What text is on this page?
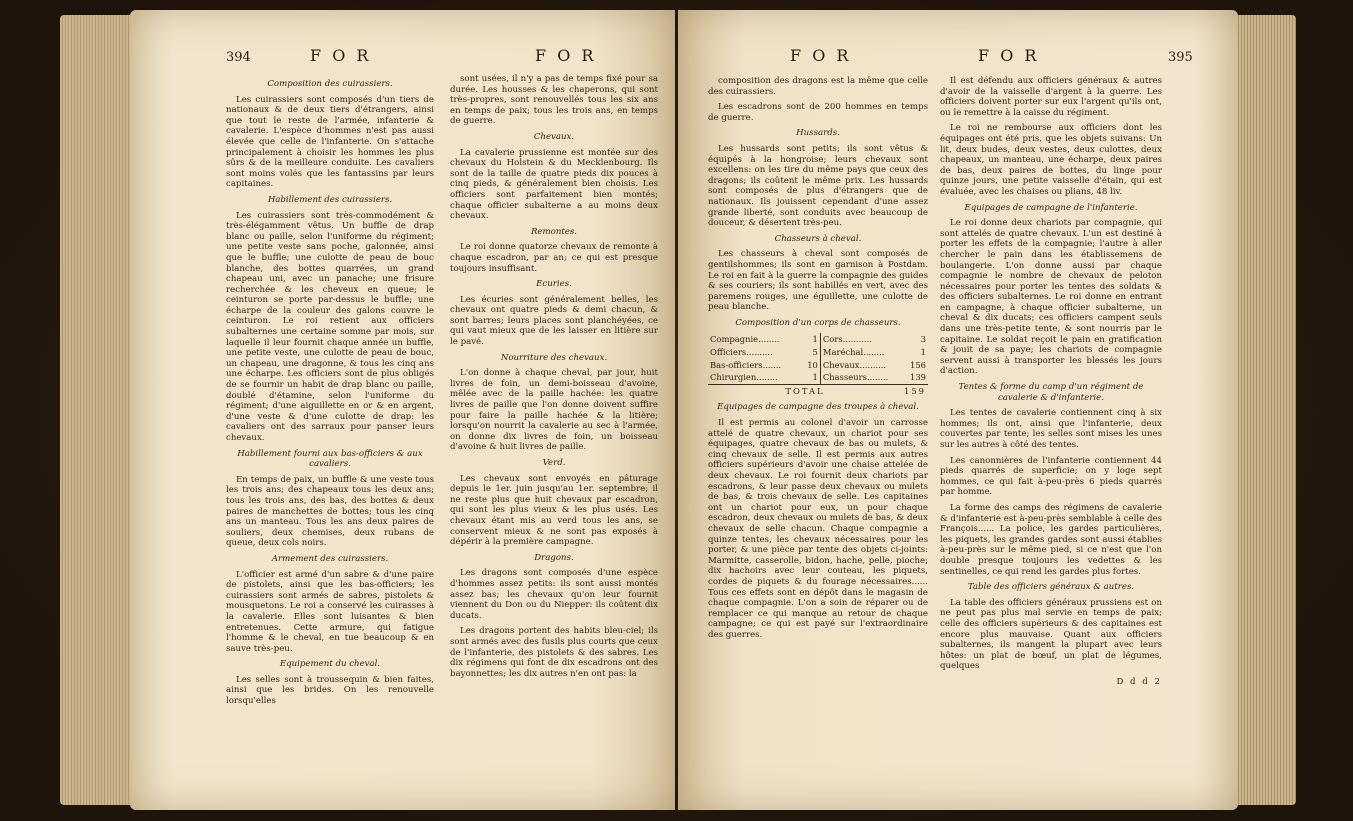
394	F O R	F O R
Composition des cuirassiers.

Les cuirassiers sont composés d'un tiers de nationaux & de deux tiers d'étrangers, ainsi que tout le reste de l'armée, infanterie & cavalerie. L'espèce d'hommes n'est pas aussi élevée que celle de l'infanterie. On s'attache principalement à choisir les hommes les plus sûrs & de la meilleure conduite. Les cavaliers sont moins volés que les fantassins par leurs capitaines.

Habillement des cuirassiers.

Les cuirassiers sont très-commodément & très-élégamment vêtus. Un buffle de drap blanc ou paille, selon l'uniforme du régiment; une petite veste sans poche, galonnée, ainsi que le buffle; une culotte de peau de bouc blanche, des bottes quarrées, un grand chapeau uni, avec un panache; une frisure recherchée & les cheveux en queue; le ceinturon se porte par-dessus le buffle; une écharpe de la couleur des galons couvre le ceinturon. Le roi retient aux officiers subalternes une certaine somme par mois, sur laquelle il leur fournit chaque année un buffle, une petite veste, une culotte de peau de bouc, un chapeau, une dragonne, & tous les cinq ans une écharpe. Les officiers sont de plus obligés de se fournir un habit de drap blanc ou paille, doublé d'étamine, selon l'uniforme du régiment; d'une aiguillette en or & en argent, d'une veste & d'une culotte de drap: les cavaliers ont des sarraux pour panser leurs chevaux.

Habillement fourni aux bas-officiers & aux cavaliers.

En temps de paix, un buffle & une veste tous les trois ans; des chapeaux tous les deux ans; tous les trois ans, des bas, des bottes & deux paires de manchettes de bottes; tous les cinq ans un manteau. Tous les ans deux paires de souliers, deux chemises, deux rubans de queue, deux cols noirs.

Armement des cuirassiers.

L'officier est armé d'un sabre & d'une paire de pistolets, ainsi que les bas-officiers; les cuirassiers sont armés de sabres, pistolets & mousquetons. Le roi a conservé les cuirasses à la cavalerie. Elles sont luisantes & bien entretenues. Cette armure, qui fatigue l'homme & le cheval, en tue beaucoup & en sauve très-peu.

Equipement du cheval.

Les selles sont à troussequin & bien faites, ainsi que les brides. On les renouvelle lorsqu'elles

sont usées, il n'y a pas de temps fixé pour sa durée. Les housses & les chaperons, qui sont très-propres, sont renouvellés tous les six ans en temps de paix; tous les trois ans, en temps de guerre.

Chevaux.

La cavalerie prussienne est montée sur des chevaux du Holstein & du Mecklenbourg. Ils sont de la taille de quatre pieds dix pouces à cinq pieds, & généralement bien choisis. Les officiers sont parfaitement bien montés; chaque officier subalterne a au moins deux chevaux.

Remontes.

Le roi donne quatorze chevaux de remonte à chaque escadron, par an; ce qui est presque toujours insuffisant.

Ecuries.

Les écuries sont généralement belles, les chevaux ont quatre pieds & demi chacun, & sont barres; leurs places sont planchéyées, ce qui vaut mieux que de les laisser en litière sur le pavé.

Nourriture des chevaux.

L'on donne à chaque cheval, par jour, huit livres de foin, un demi-boisseau d'avoine, mêlée avec de la paille hachée: les quatre livres de paille que l'on donne doivent suffire pour faire la paille hachée & la litière; lorsqu'on nourrit la cavalerie au sec à l'armée, on donne dix livres de foin, un boisseau d'avoine & huit livres de paille.

Verd.

Les chevaux sont envoyés en pâturage depuis le 1er. juin jusqu'au 1er. septembre; il ne reste plus que huit chevaux par escadron, qui sont les plus vieux & les plus usés. Les chevaux étant mis au verd tous les ans, se conservent mieux & ne sont pas exposés à dépérir à la première campagne.

Dragons.

Les dragons sont composés d'une espèce d'hommes assez petits: ils sont aussi montés assez bas; les chevaux qu'on leur fournit viennent du Don ou du Niepper: ils coûtent dix ducats.

Les dragons portent des habits bleu-ciel; ils sont armés avec des fusils plus courts que ceux de l'infanterie, des pistolets & des sabres. Les dix régimens qui font de dix escadrons ont des bayonnettes; les dix autres n'en ont pas: la

F O R	F O R	395

composition des dragons est la même que celle des cuirassiers.

Les escadrons sont de 200 hommes en temps de guerre.

Hussards.

Les hussards sont petits; ils sont vêtus & équipés à la hongroise; leurs chevaux sont excellens: on les tire du même pays que ceux des dragons; ils coûtent le même prix. Les hussards sont composés de plus d'étrangers que de nationaux. Ils jouissent cependant d'une assez grande liberté, sont conduits avec beaucoup de douceur, & désertent très-peu.

Chasseurs à cheval.

Les chasseurs à cheval sont composés de gentilshommes; ils sont en garnison à Postdam. Le roi en fait à la guerre la compagnie des guides & ses couriers; ils sont habillés en vert, avec des paremens rouges, une éguillette, une culotte de peau blanche.

Composition d'un corps de chasseurs.
Compagnie........	1	Cors...........	3
Officiers..........	5	Maréchal........	1
Bas-officiers.......	10	Chevaux..........	156
Chirurgien........	1	Chasseurs........	139
TOTAL			159
Equipages de campagne des troupes à cheval.

Il est permis au colonel d'avoir un carrosse attelé de quatre chevaux, un chariot pour ses équipages, quatre chevaux de bas ou mulets, & cinq chevaux de selle. Il est permis aux autres officiers supérieurs d'avoir une chaise attelée de deux chevaux. Le roi fournit deux chariots par escadrons, & leur passe deux chevaux ou mulets de bas, & trois chevaux de selle. Les capitaines ont un chariot pour eux, un pour chaque escadron, deux chevaux ou mulets de bas, & deux chevaux de selle chacun. Chaque compagnie a quinze tentes, les chevaux nécessaires pour les porter, & une pièce par tente des objets ci-joints: Marmitte, casserolle, bidon, hache, pelle, pioche; dix hachoirs avec leur couteau, les piquets, cordes de piquets & du fourage nécessaires...... Tous ces effets sont en dépôt dans le magasin de chaque compagnie. L'on a soin de réparer ou de remplacer ce qui manque au retour de chaque campagne; ce qui est payé sur l'extraordinaire des guerres.

Il est défendu aux officiers généraux & autres d'avoir de la vaisselle d'argent à la guerre. Les officiers doivent porter sur eux l'argent qu'ils ont, ou le remettre à la caisse du régiment.

Le roi ne rembourse aux officiers dont les équipages ont été pris, que les objets suivans: Un lit, deux budes, deux vestes, deux culottes, deux chapeaux, un manteau, une écharpe, deux paires de bas, deux paires de bottes, du linge pour quinze jours, une petite vaisselle d'étain, qui est évaluée, avec les chaises ou plians, 48 liv.

Equipages de campagne de l'infanterie.

Le roi donne deux chariots par compagnie, qui sont attelés de quatre chevaux. L'un est destiné à porter les effets de la compagnie; l'autre à aller chercher le pain dans les établissemens de boulangerie. L'on donne aussi par chaque compagnie le nombre de chevaux de peloton nécessaires pour porter les tentes des soldats & des officiers subalternes. Le roi donne en entrant en campagne, à chaque officier subalterne, un cheval & dix ducats; ces officiers campent seuls dans une très-petite tente, & sont nourris par le capitaine. Le soldat reçoit le pain en gratification & jouit de sa paye; les chariots de compagnie servent aussi à transporter les blessés les jours d'action.

Tentes & forme du camp d'un régiment de cavalerie & d'infanterie.

Les tentes de cavalerie contiennent cinq à six hommes; ils ont, ainsi que l'infanterie, deux couvertes par tente; les selles sont mises les unes sur les autres à côté des tentes.

Les canonnières de l'infanterie contiennent 44 pieds quarrés de superficie; on y loge sept hommes, ce qui fait à-peu-près 6 pieds quarrés par homme.

La forme des camps des régimens de cavalerie & d'infanterie est à-peu-près semblable à celle des François...... La police, les gardes particulières, les piquets, les grandes gardes sont aussi établies à-peu-près sur le même pied, si ce n'est que l'on double presque toujours les vedettes & les sentinelles, ce qui rend les gardes plus fortes.

Table des officiers généraux & autres.

La table des officiers généraux prussiens est on ne peut pas plus mal servie en temps de paix; celle des officiers supérieurs & des capitaines est encore plus mauvaise. Quant aux officiers subalternes, ils mangent la plupart avec leurs hôtes: un plat de bœuf, un plat de légumes, quelques

D d d 2
